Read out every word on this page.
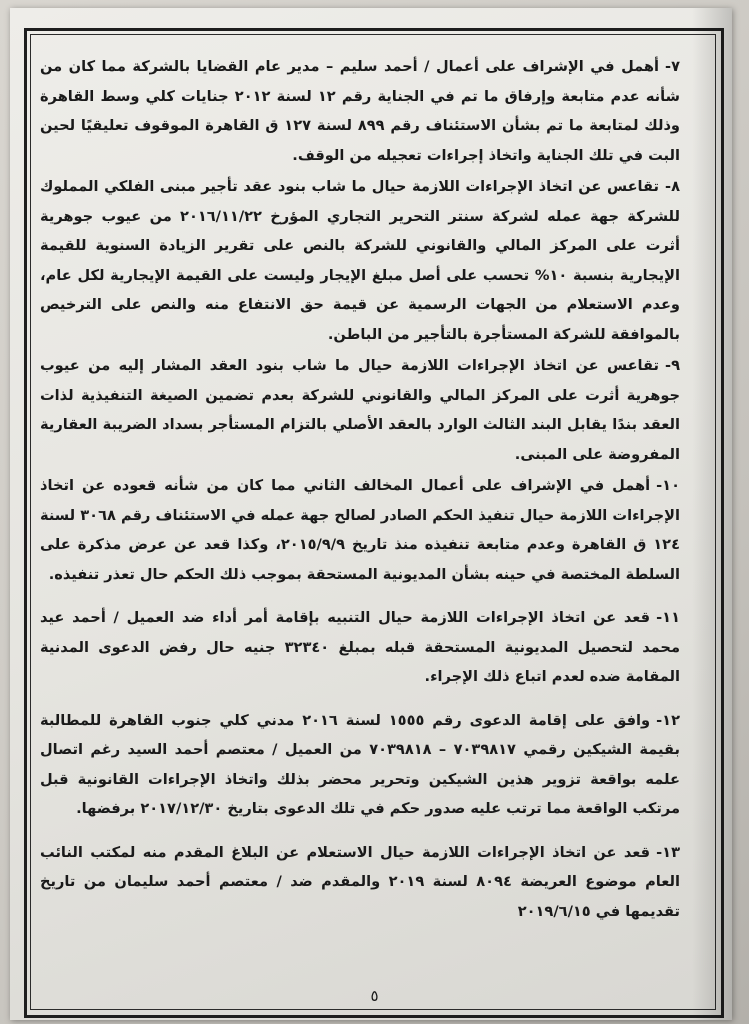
٧-أهمل في الإشراف على أعمال / أحمد سليم – مدير عام القضايا بالشركة مما كان من شأنه عدم متابعة وإرفاق ما تم في الجناية رقم ١٢ لسنة ٢٠١٢ جنايات كلي وسط القاهرة وذلك لمتابعة ما تم بشأن الاستئناف رقم ٨٩٩ لسنة ١٢٧ ق القاهرة الموقوف تعليقيًا لحين البت في تلك الجناية واتخاذ إجراءات تعجيله من الوقف.

٨-تقاعس عن اتخاذ الإجراءات اللازمة حيال ما شاب بنود عقد تأجير مبنى الفلكي المملوك للشركة جهة عمله لشركة سنتر التحرير التجاري المؤرخ ٢٠١٦/١١/٢٢ من عيوب جوهرية أثرت على المركز المالي والقانوني للشركة بالنص على تقرير الزيادة السنوية للقيمة الإيجارية بنسبة ١٠% تحسب على أصل مبلغ الإيجار وليست على القيمة الإيجارية لكل عام، وعدم الاستعلام من الجهات الرسمية عن قيمة حق الانتفاع منه والنص على الترخيص بالموافقة للشركة المستأجرة بالتأجير من الباطن.

٩-تقاعس عن اتخاذ الإجراءات اللازمة حيال ما شاب بنود العقد المشار إليه من عيوب جوهرية أثرت على المركز المالي والقانوني للشركة بعدم تضمين الصيغة التنفيذية لذات العقد بندًا يقابل البند الثالث الوارد بالعقد الأصلي بالتزام المستأجر بسداد الضريبة العقارية المفروضة على المبنى.

١٠-أهمل في الإشراف على أعمال المخالف الثاني مما كان من شأنه قعوده عن اتخاذ الإجراءات اللازمة حيال تنفيذ الحكم الصادر لصالح جهة عمله في الاستئناف رقم ٣٠٦٨ لسنة ١٢٤ ق القاهرة وعدم متابعة تنفيذه منذ تاريخ ٢٠١٥/٩/٩، وكذا قعد عن عرض مذكرة على السلطة المختصة في حينه بشأن المديونية المستحقة بموجب ذلك الحكم حال تعذر تنفيذه.

١١-قعد عن اتخاذ الإجراءات اللازمة حيال التنبيه بإقامة أمر أداء ضد العميل / أحمد عيد محمد لتحصيل المديونية المستحقة قبله بمبلغ ٣٢٣٤٠ جنيه حال رفض الدعوى المدنية المقامة ضده لعدم اتباع ذلك الإجراء.

١٢-وافق على إقامة الدعوى رقم ١٥٥٥ لسنة ٢٠١٦ مدني كلي جنوب القاهرة للمطالبة بقيمة الشيكين رقمي ٧٠٣٩٨١٧ – ٧٠٣٩٨١٨ من العميل / معتصم أحمد السيد رغم اتصال علمه بواقعة تزوير هذين الشيكين وتحرير محضر بذلك واتخاذ الإجراءات القانونية قبل مرتكب الواقعة مما ترتب عليه صدور حكم في تلك الدعوى بتاريخ ٢٠١٧/١٢/٣٠ برفضها.

١٣-قعد عن اتخاذ الإجراءات اللازمة حيال الاستعلام عن البلاغ المقدم منه لمكتب النائب العام موضوع العريضة ٨٠٩٤ لسنة ٢٠١٩ والمقدم ضد / معتصم أحمد سليمان من تاريخ تقديمها في ٢٠١٩/٦/١٥

٥
